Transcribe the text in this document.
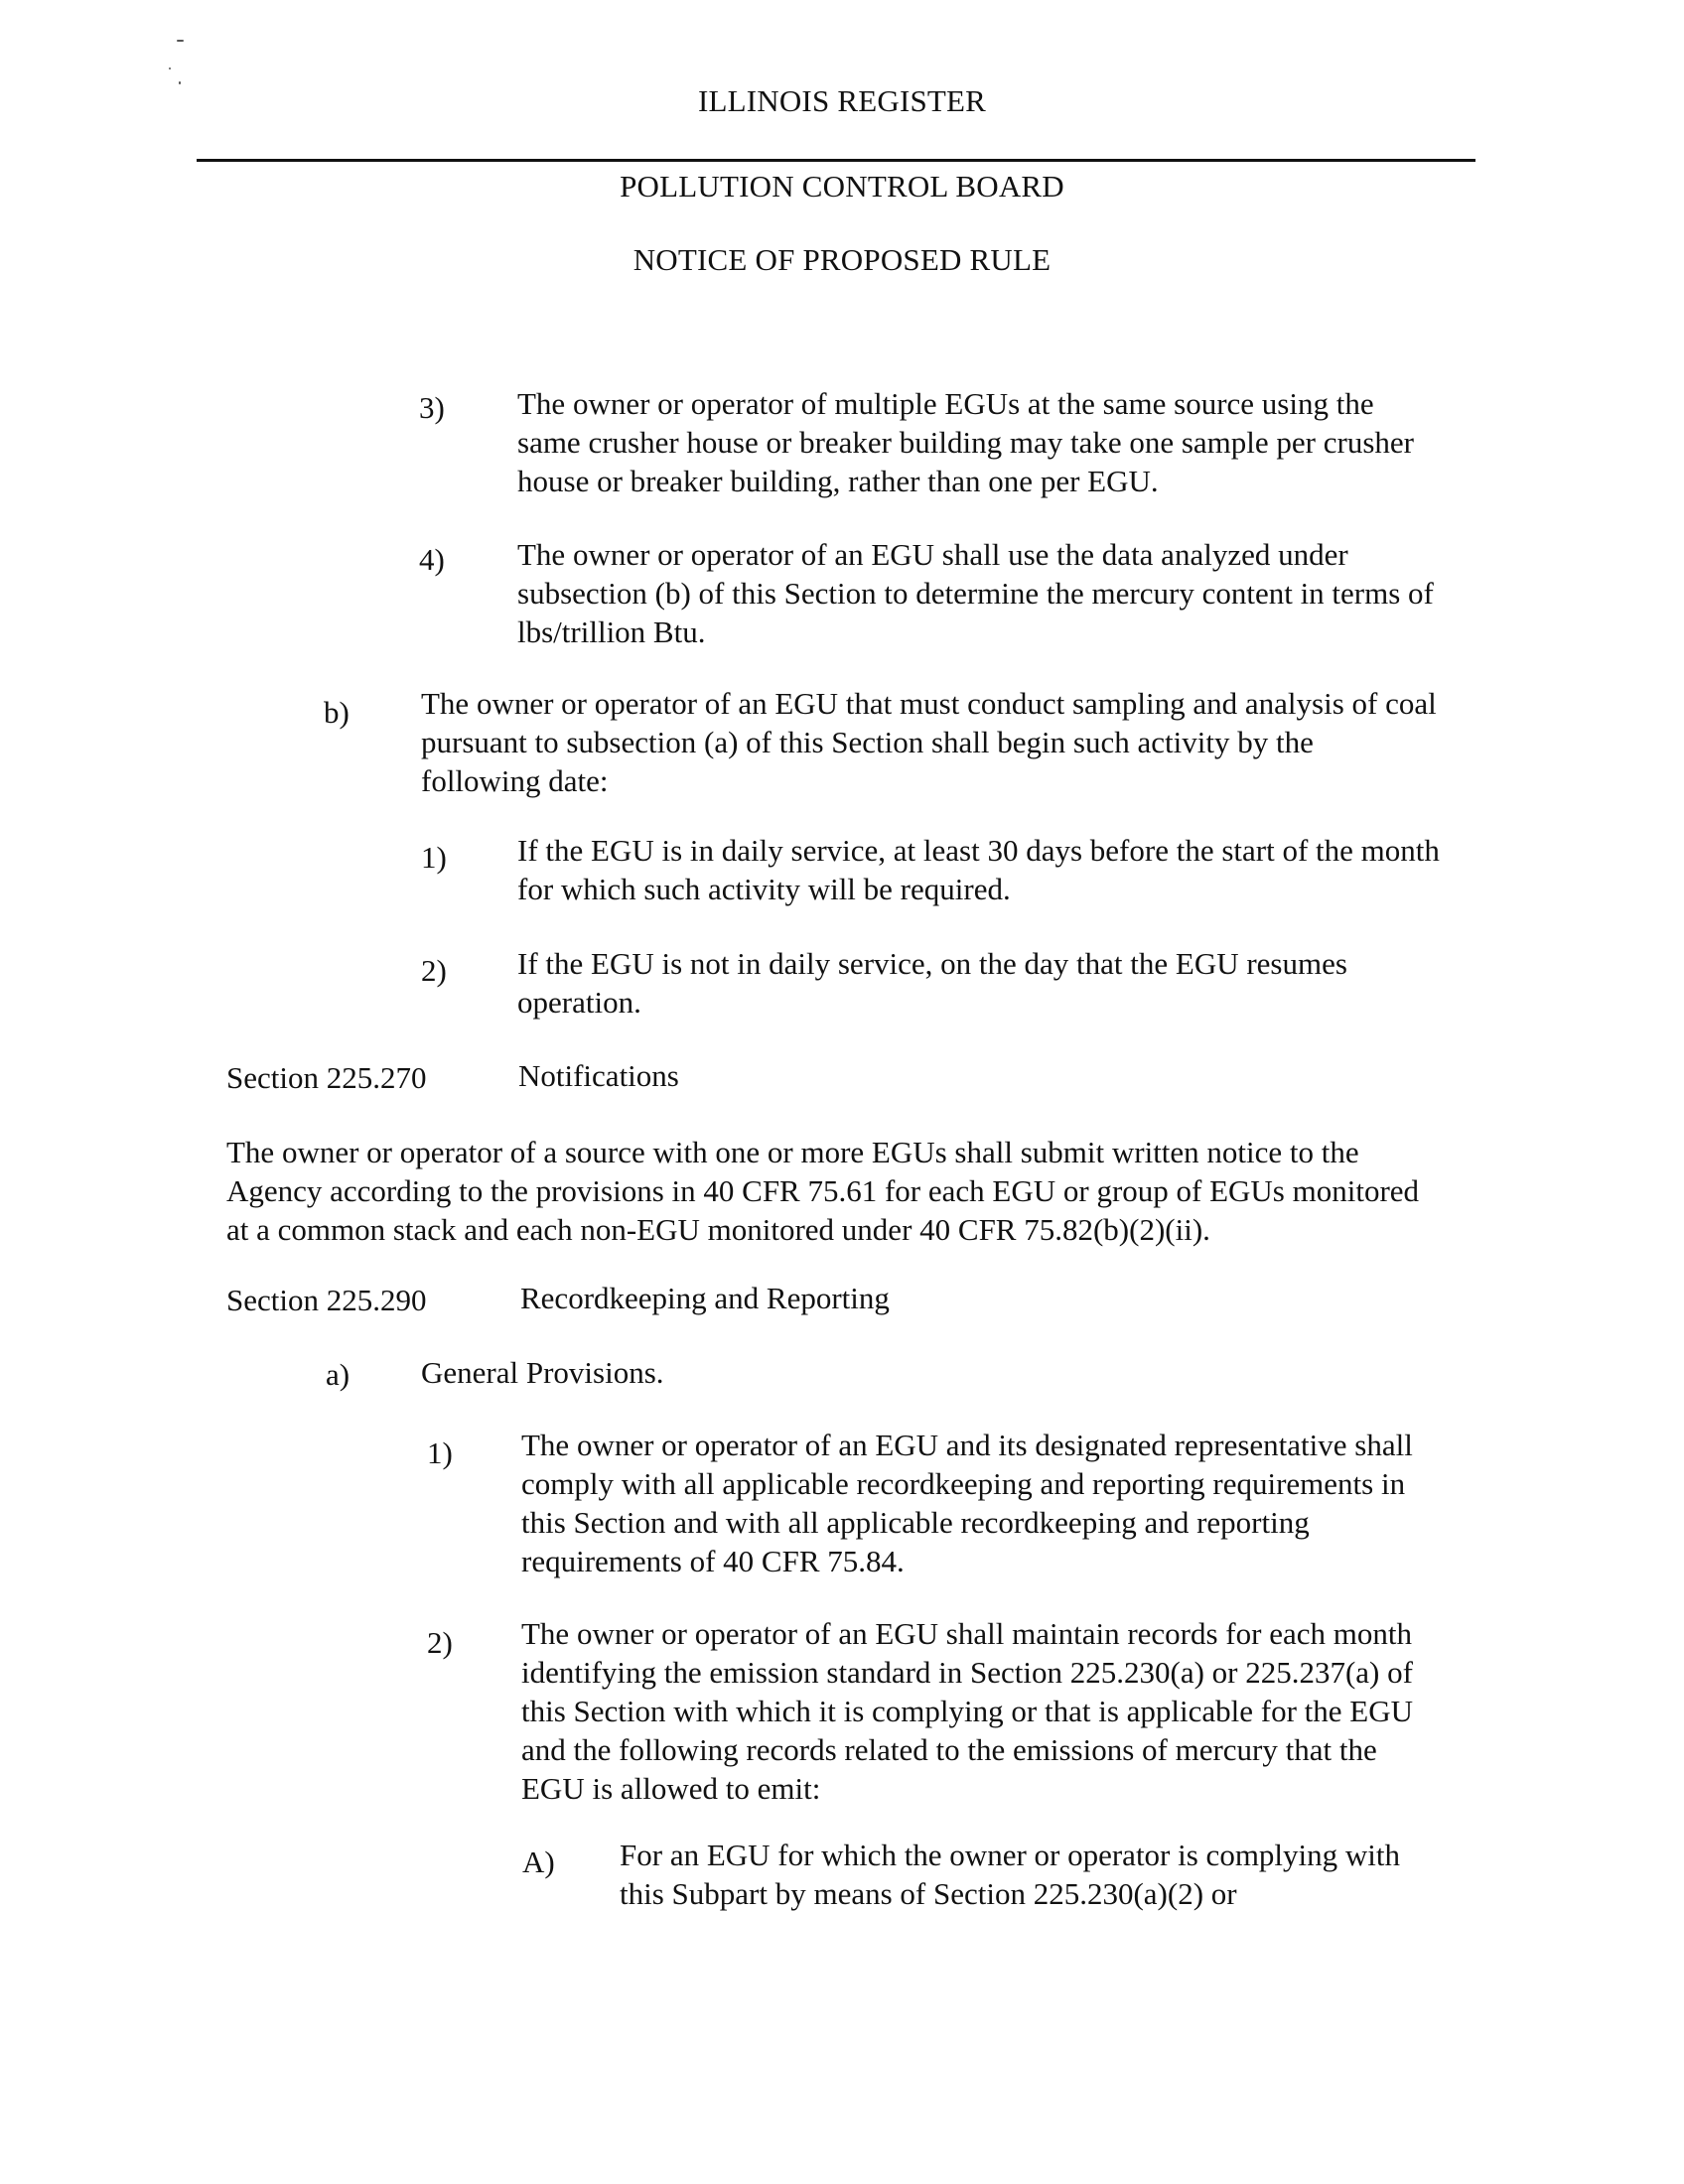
ILLINOIS REGISTER
POLLUTION CONTROL BOARD
NOTICE OF PROPOSED RULE
3) The owner or operator of multiple EGUs at the same source using the
same crusher house or breaker building may take one sample per crusher
house or breaker building, rather than one per EGU.
4) The owner or operator of an EGU shall use the data analyzed under
subsection (b) of this Section to determine the mercury content in terms of
lbs/trillion Btu.
b) The owner or operator of an EGU that must conduct sampling and analysis of coal
pursuant to subsection (a) of this Section shall begin such activity by the
following date:
1) If the EGU is in daily service, at least 30 days before the start of the month
for which such activity will be required.
2) If the EGU is not in daily service, on the day that the EGU resumes
operation.
Section 225.270	Notifications
The owner or operator of a source with one or more EGUs shall submit written notice to the
Agency according to the provisions in 40 CFR 75.61 for each EGU or group of EGUs monitored
at a common stack and each non-EGU monitored under 40 CFR 75.82(b)(2)(ii).
Section 225.290	Recordkeeping and Reporting
a) General Provisions.
1) The owner or operator of an EGU and its designated representative shall
comply with all applicable recordkeeping and reporting requirements in
this Section and with all applicable recordkeeping and reporting
requirements of 40 CFR 75.84.
2) The owner or operator of an EGU shall maintain records for each month
identifying the emission standard in Section 225.230(a) or 225.237(a) of
this Section with which it is complying or that is applicable for the EGU
and the following records related to the emissions of mercury that the
EGU is allowed to emit:
A) For an EGU for which the owner or operator is complying with
this Subpart by means of Section 225.230(a)(2) or
